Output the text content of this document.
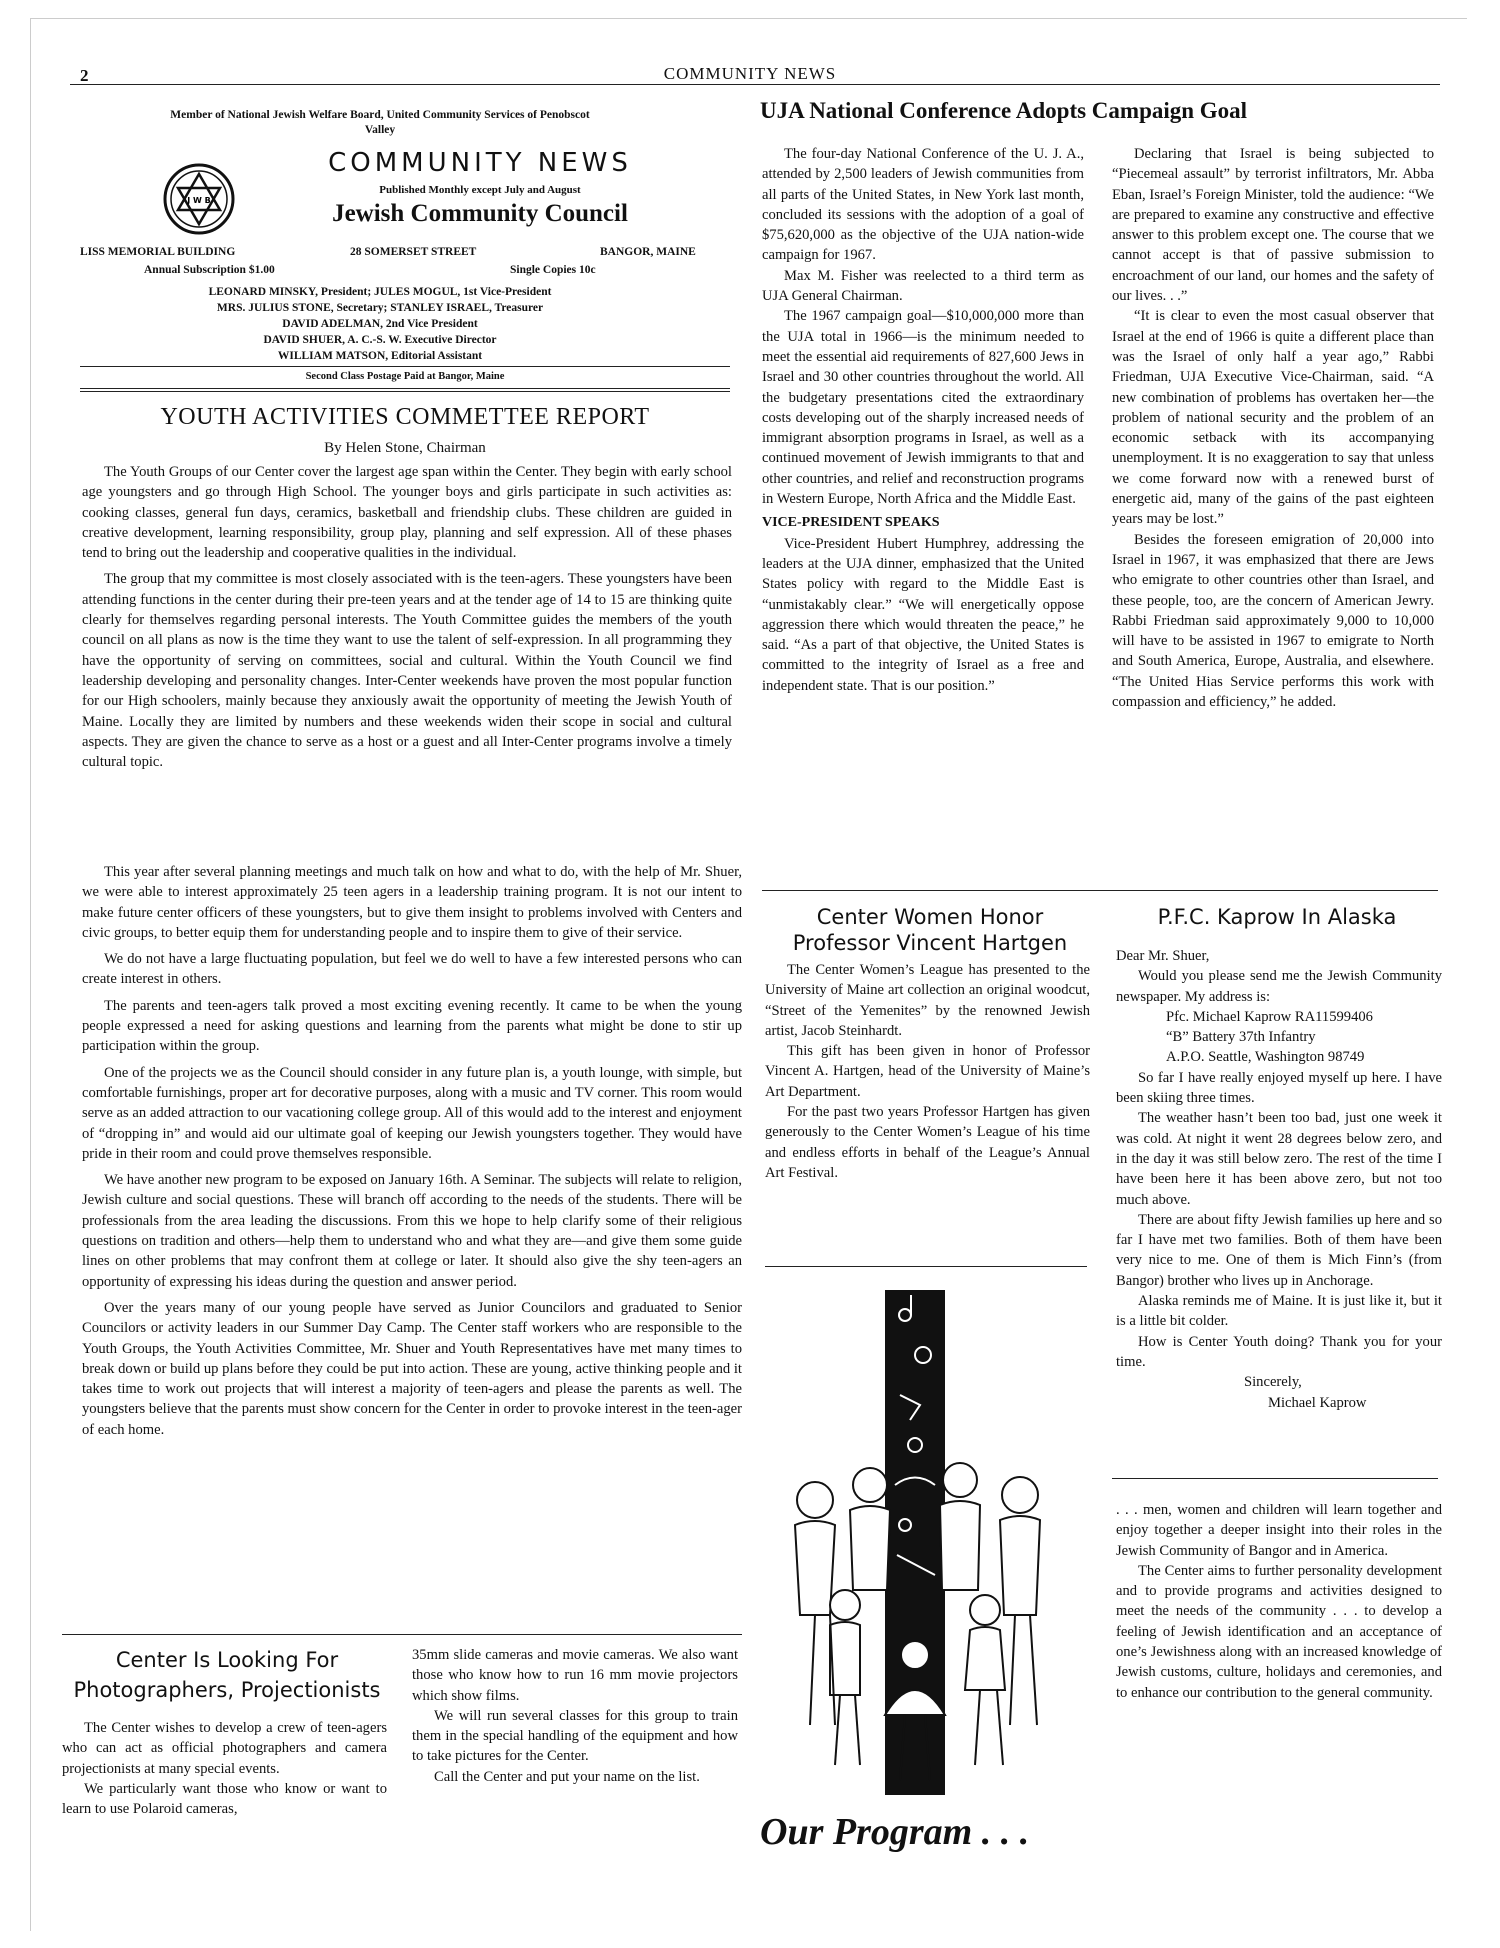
2	COMMUNITY NEWS
Member of National Jewish Welfare Board, United Community Services of Penobscot Valley
J W B
COMMUNITY NEWS
Published Monthly except July and August
Jewish Community Council
LISS MEMORIAL BUILDING	28 SOMERSET STREET	BANGOR, MAINE
Annual Subscription $1.00	Single Copies 10c
LEONARD MINSKY, President; JULES MOGUL, 1st Vice-President
MRS. JULIUS STONE, Secretary; STANLEY ISRAEL, Treasurer
DAVID ADELMAN, 2nd Vice President
DAVID SHUER, A. C.-S. W. Executive Director
WILLIAM MATSON, Editorial Assistant
Second Class Postage Paid at Bangor, Maine
YOUTH ACTIVITIES COMMETTEE REPORT
By Helen Stone, Chairman

The Youth Groups of our Center cover the largest age span within the Center. They begin with early school age youngsters and go through High School. The younger boys and girls participate in such activities as: cooking classes, general fun days, ceramics, basketball and friendship clubs. These children are guided in creative development, learning responsibility, group play, planning and self expression. All of these phases tend to bring out the leadership and cooperative qualities in the individual.

The group that my committee is most closely associated with is the teen-agers. These youngsters have been attending functions in the center during their pre-teen years and at the tender age of 14 to 15 are thinking quite clearly for themselves regarding personal interests. The Youth Committee guides the members of the youth council on all plans as now is the time they want to use the talent of self-expression. In all programming they have the opportunity of serving on committees, social and cultural. Within the Youth Council we find leadership developing and personality changes. Inter-Center weekends have proven the most popular function for our High schoolers, mainly because they anxiously await the opportunity of meeting the Jewish Youth of Maine. Locally they are limited by numbers and these weekends widen their scope in social and cultural aspects. They are given the chance to serve as a host or a guest and all Inter-Center programs involve a timely cultural topic.

This year after several planning meetings and much talk on how and what to do, with the help of Mr. Shuer, we were able to interest approximately 25 teen agers in a leadership training program. It is not our intent to make future center officers of these youngsters, but to give them insight to problems involved with Centers and civic groups, to better equip them for understanding people and to inspire them to give of their service.

We do not have a large fluctuating population, but feel we do well to have a few interested persons who can create interest in others.

The parents and teen-agers talk proved a most exciting evening recently. It came to be when the young people expressed a need for asking questions and learning from the parents what might be done to stir up participation within the group.

One of the projects we as the Council should consider in any future plan is, a youth lounge, with simple, but comfortable furnishings, proper art for decorative purposes, along with a music and TV corner. This room would serve as an added attraction to our vacationing college group. All of this would add to the interest and enjoyment of “dropping in” and would aid our ultimate goal of keeping our Jewish youngsters together. They would have pride in their room and could prove themselves responsible.

We have another new program to be exposed on January 16th. A Seminar. The subjects will relate to religion, Jewish culture and social questions. These will branch off according to the needs of the students. There will be professionals from the area leading the discussions. From this we hope to help clarify some of their religious questions on tradition and others—help them to understand who and what they are—and give them some guide lines on other problems that may confront them at college or later. It should also give the shy teen-agers an opportunity of expressing his ideas during the question and answer period.

Over the years many of our young people have served as Junior Councilors and graduated to Senior Councilors or activity leaders in our Summer Day Camp. The Center staff workers who are responsible to the Youth Groups, the Youth Activities Committee, Mr. Shuer and Youth Representatives have met many times to break down or build up plans before they could be put into action. These are young, active thinking people and it takes time to work out projects that will interest a majority of teen-agers and please the parents as well. The youngsters believe that the parents must show concern for the Center in order to provoke interest in the teen-ager of each home.

UJA National Conference Adopts Campaign Goal

The four-day National Conference of the U. J. A., attended by 2,500 leaders of Jewish communities from all parts of the United States, in New York last month, concluded its sessions with the adoption of a goal of $75,620,000 as the objective of the UJA nation-wide campaign for 1967.

Max M. Fisher was reelected to a third term as UJA General Chairman.

The 1967 campaign goal—$10,000,000 more than the UJA total in 1966—is the minimum needed to meet the essential aid requirements of 827,600 Jews in Israel and 30 other countries throughout the world. All the budgetary presentations cited the extraordinary costs developing out of the sharply increased needs of immigrant absorption programs in Israel, as well as a continued movement of Jewish immigrants to that and other countries, and relief and reconstruction programs in Western Europe, North Africa and the Middle East.

VICE-PRESIDENT SPEAKS

Vice-President Hubert Humphrey, addressing the leaders at the UJA dinner, emphasized that the United States policy with regard to the Middle East is “unmistakably clear.” “We will energetically oppose aggression there which would threaten the peace,” he said. “As a part of that objective, the United States is committed to the integrity of Israel as a free and independent state. That is our position.”

Declaring that Israel is being subjected to “Piecemeal assault” by terrorist infiltrators, Mr. Abba Eban, Israel’s Foreign Minister, told the audience: “We are prepared to examine any constructive and effective answer to this problem except one. The course that we cannot accept is that of passive submission to encroachment of our land, our homes and the safety of our lives. . .”

“It is clear to even the most casual observer that Israel at the end of 1966 is quite a different place than was the Israel of only half a year ago,” Rabbi Friedman, UJA Executive Vice-Chairman, said. “A new combination of problems has overtaken her—the problem of national security and the problem of an economic setback with its accompanying unemployment. It is no exaggeration to say that unless we come forward now with a renewed burst of energetic aid, many of the gains of the past eighteen years may be lost.”

Besides the foreseen emigration of 20,000 into Israel in 1967, it was emphasized that there are Jews who emigrate to other countries other than Israel, and these people, too, are the concern of American Jewry. Rabbi Friedman said approximately 9,000 to 10,000 will have to be assisted in 1967 to emigrate to North and South America, Europe, Australia, and elsewhere. “The United Hias Service performs this work with compassion and efficiency,” he added.

Center Women Honor
Professor Vincent Hartgen

The Center Women’s League has presented to the University of Maine art collection an original woodcut, “Street of the Yemenites” by the renowned Jewish artist, Jacob Steinhardt.

This gift has been given in honor of Professor Vincent A. Hartgen, head of the University of Maine’s Art Department.

For the past two years Professor Hartgen has given generously to the Center Women’s League of his time and endless efforts in behalf of the League’s Annual Art Festival.

Our Program . . .
P.F.C. Kaprow In Alaska

Dear Mr. Shuer,

Would you please send me the Jewish Community newspaper. My address is:

Pfc. Michael Kaprow RA11599406
“B” Battery 37th Infantry
A.P.O. Seattle, Washington 98749

So far I have really enjoyed myself up here. I have been skiing three times.

The weather hasn’t been too bad, just one week it was cold. At night it went 28 degrees below zero, and in the day it was still below zero. The rest of the time I have been here it has been above zero, but not too much above.

There are about fifty Jewish families up here and so far I have met two families. Both of them have been very nice to me. One of them is Mich Finn’s (from Bangor) brother who lives up in Anchorage.

Alaska reminds me of Maine. It is just like it, but it is a little bit colder.

How is Center Youth doing? Thank you for your time.

Sincerely,
Michael Kaprow

. . . men, women and children will learn together and enjoy together a deeper insight into their roles in the Jewish Community of Bangor and in America.

The Center aims to further personality development and to provide programs and activities designed to meet the needs of the community . . . to develop a feeling of Jewish identification and an acceptance of one’s Jewishness along with an increased knowledge of Jewish customs, culture, holidays and ceremonies, and to enhance our contribution to the general community.

Center Is Looking For
Photographers, Projectionists

The Center wishes to develop a crew of teen-agers who can act as official photographers and camera projectionists at many special events.

We particularly want those who know or want to learn to use Polaroid cameras,

35mm slide cameras and movie cameras. We also want those who know how to run 16 mm movie projectors which show films.

We will run several classes for this group to train them in the special handling of the equipment and how to take pictures for the Center.

Call the Center and put your name on the list.
